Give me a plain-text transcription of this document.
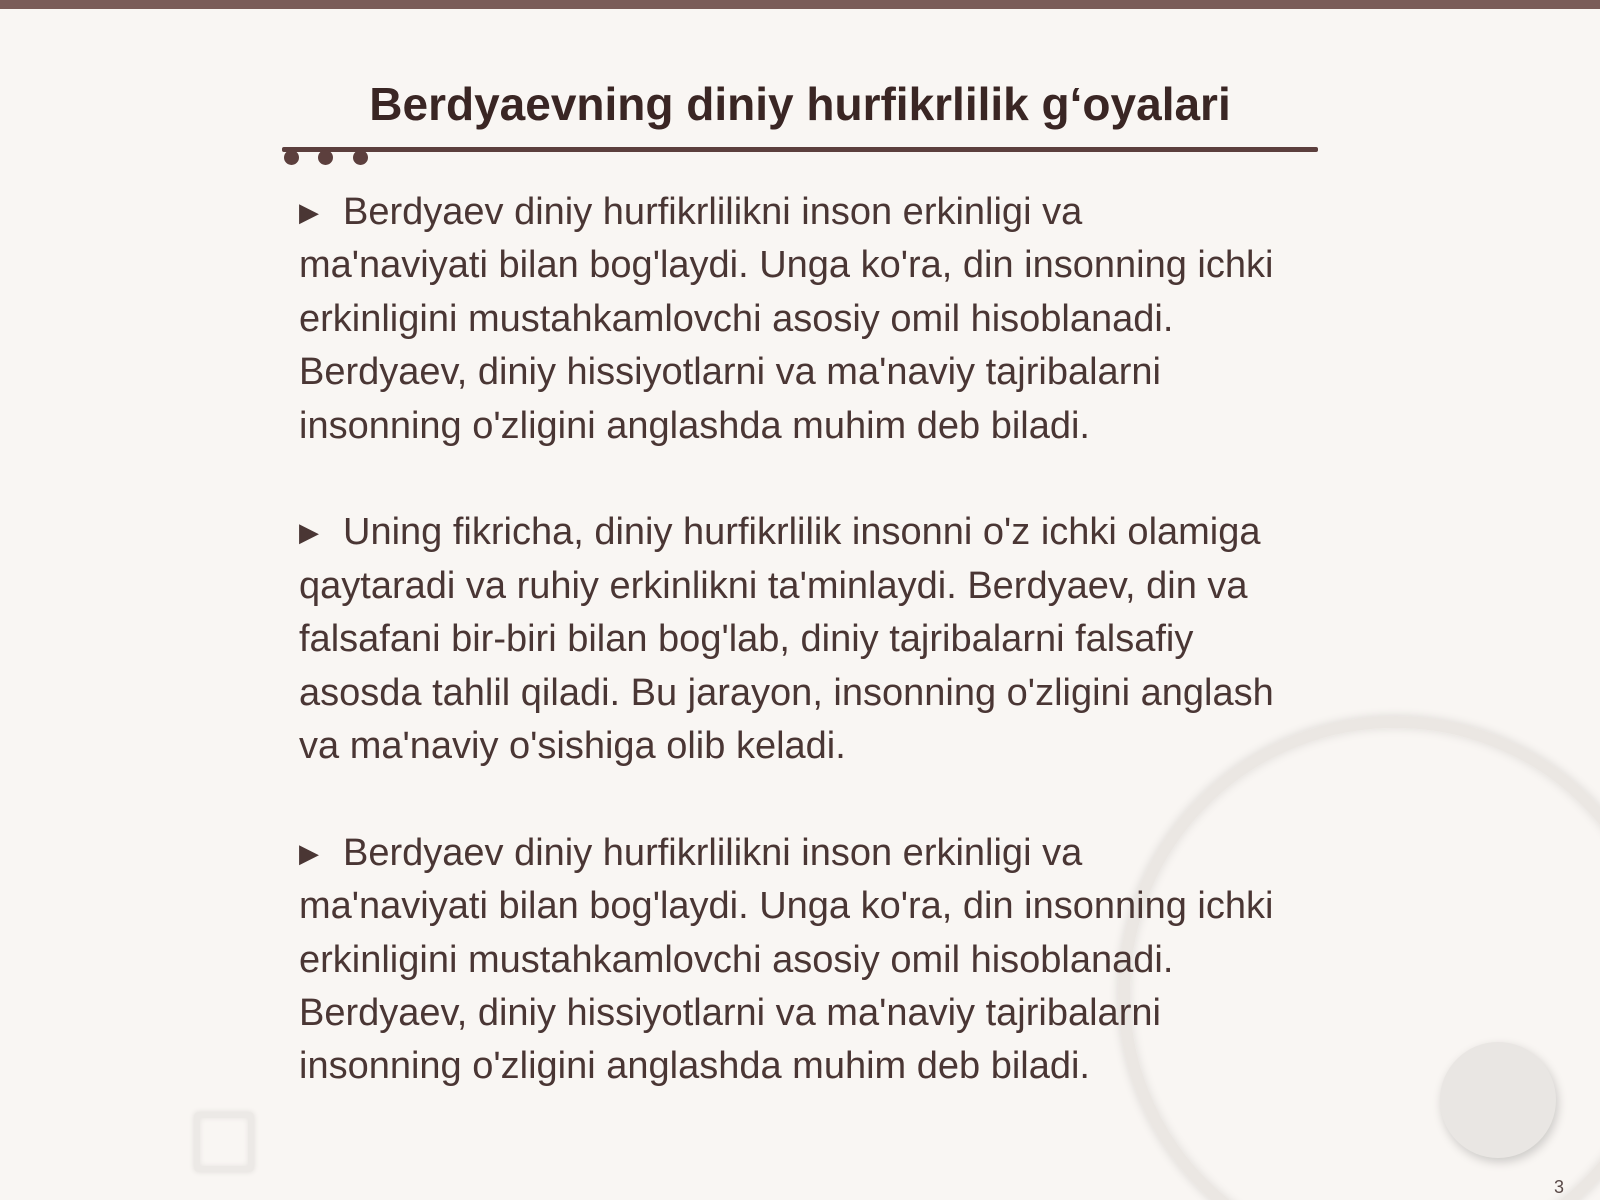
Berdyaevning diniy hurfikrlilik g‘oyalari

▶ Berdyaev diniy hurfikrlilikni inson erkinligi va ma'naviyati bilan bog'laydi. Unga ko'ra, din insonning ichki erkinligini mustahkamlovchi asosiy omil hisoblanadi. Berdyaev, diniy hissiyotlarni va ma'naviy tajribalarni insonning o'zligini anglashda muhim deb biladi.

▶ Uning fikricha, diniy hurfikrlilik insonni o'z ichki olamiga qaytaradi va ruhiy erkinlikni ta'minlaydi. Berdyaev, din va falsafani bir-biri bilan bog'lab, diniy tajribalarni falsafiy asosda tahlil qiladi. Bu jarayon, insonning o'zligini anglash va ma'naviy o'sishiga olib keladi.

▶ Berdyaev diniy hurfikrlilikni inson erkinligi va ma'naviyati bilan bog'laydi. Unga ko'ra, din insonning ichki erkinligini mustahkamlovchi asosiy omil hisoblanadi. Berdyaev, diniy hissiyotlarni va ma'naviy tajribalarni insonning o'zligini anglashda muhim deb biladi.

3
